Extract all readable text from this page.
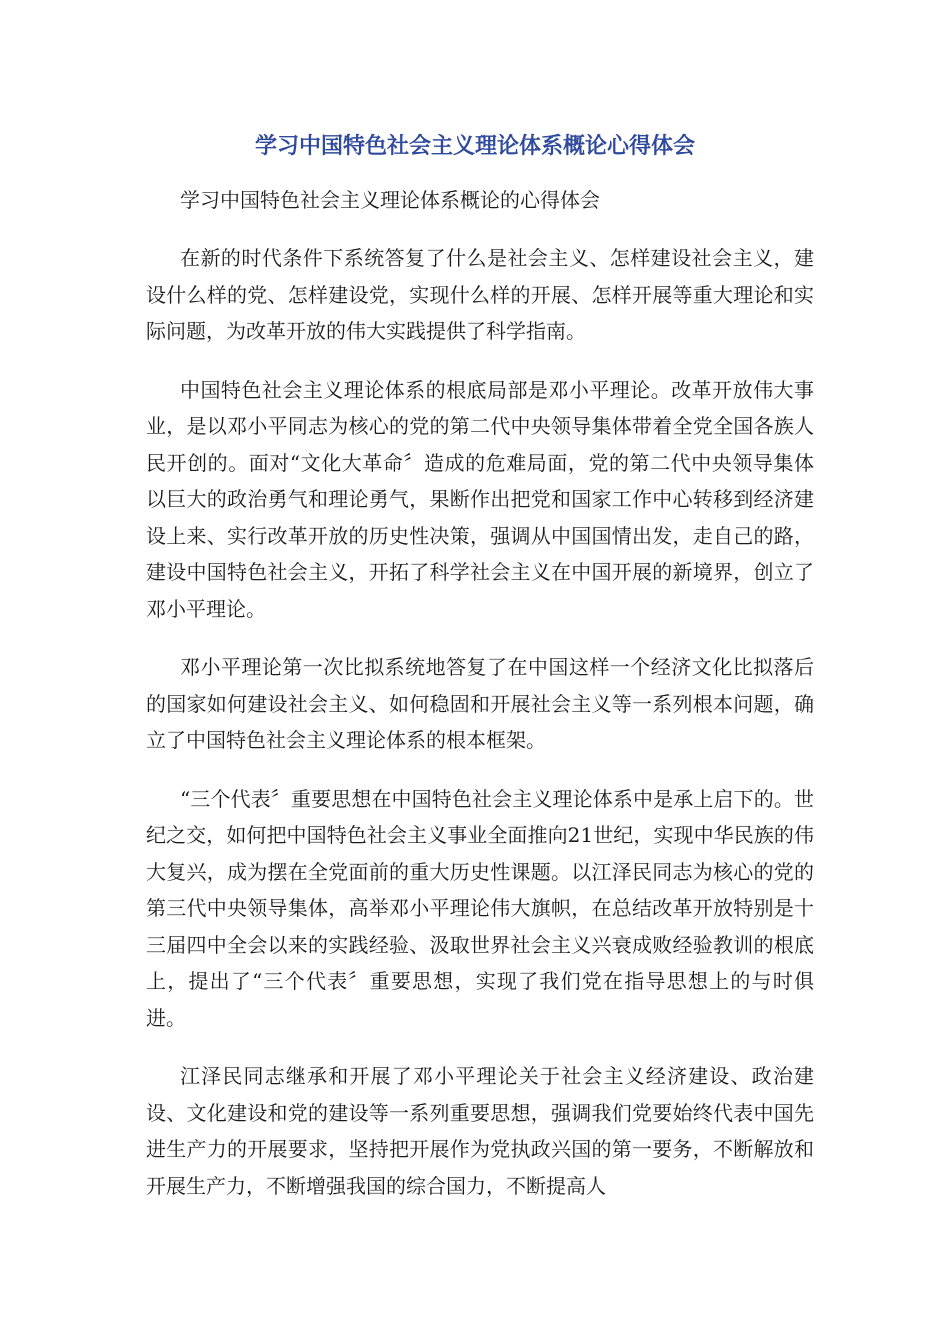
学习中国特色社会主义理论体系概论心得体会

学习中国特色社会主义理论体系概论的心得体会

在新的时代条件下系统答复了什么是社会主义、怎样建设社会主义，建设什么样的党、怎样建设党，实现什么样的开展、怎样开展等重大理论和实际问题，为改革开放的伟大实践提供了科学指南。

中国特色社会主义理论体系的根底局部是邓小平理论。改革开放伟大事业，是以邓小平同志为核心的党的第二代中央领导集体带着全党全国各族人民开创的。面对“文化大革命〞造成的危难局面，党的第二代中央领导集体以巨大的政治勇气和理论勇气，果断作出把党和国家工作中心转移到经济建设上来、实行改革开放的历史性决策，强调从中国国情出发，走自己的路，建设中国特色社会主义，开拓了科学社会主义在中国开展的新境界，创立了邓小平理论。

邓小平理论第一次比拟系统地答复了在中国这样一个经济文化比拟落后的国家如何建设社会主义、如何稳固和开展社会主义等一系列根本问题，确立了中国特色社会主义理论体系的根本框架。

“三个代表〞重要思想在中国特色社会主义理论体系中是承上启下的。世纪之交，如何把中国特色社会主义事业全面推向21世纪，实现中华民族的伟大复兴，成为摆在全党面前的重大历史性课题。以江泽民同志为核心的党的第三代中央领导集体，高举邓小平理论伟大旗帜，在总结改革开放特别是十三届四中全会以来的实践经验、汲取世界社会主义兴衰成败经验教训的根底上，提出了“三个代表〞重要思想，实现了我们党在指导思想上的与时俱进。

江泽民同志继承和开展了邓小平理论关于社会主义经济建设、政治建设、文化建设和党的建设等一系列重要思想，强调我们党要始终代表中国先进生产力的开展要求，坚持把开展作为党执政兴国的第一要务，不断解放和开展生产力，不断增强我国的综合国力，不断提高人
